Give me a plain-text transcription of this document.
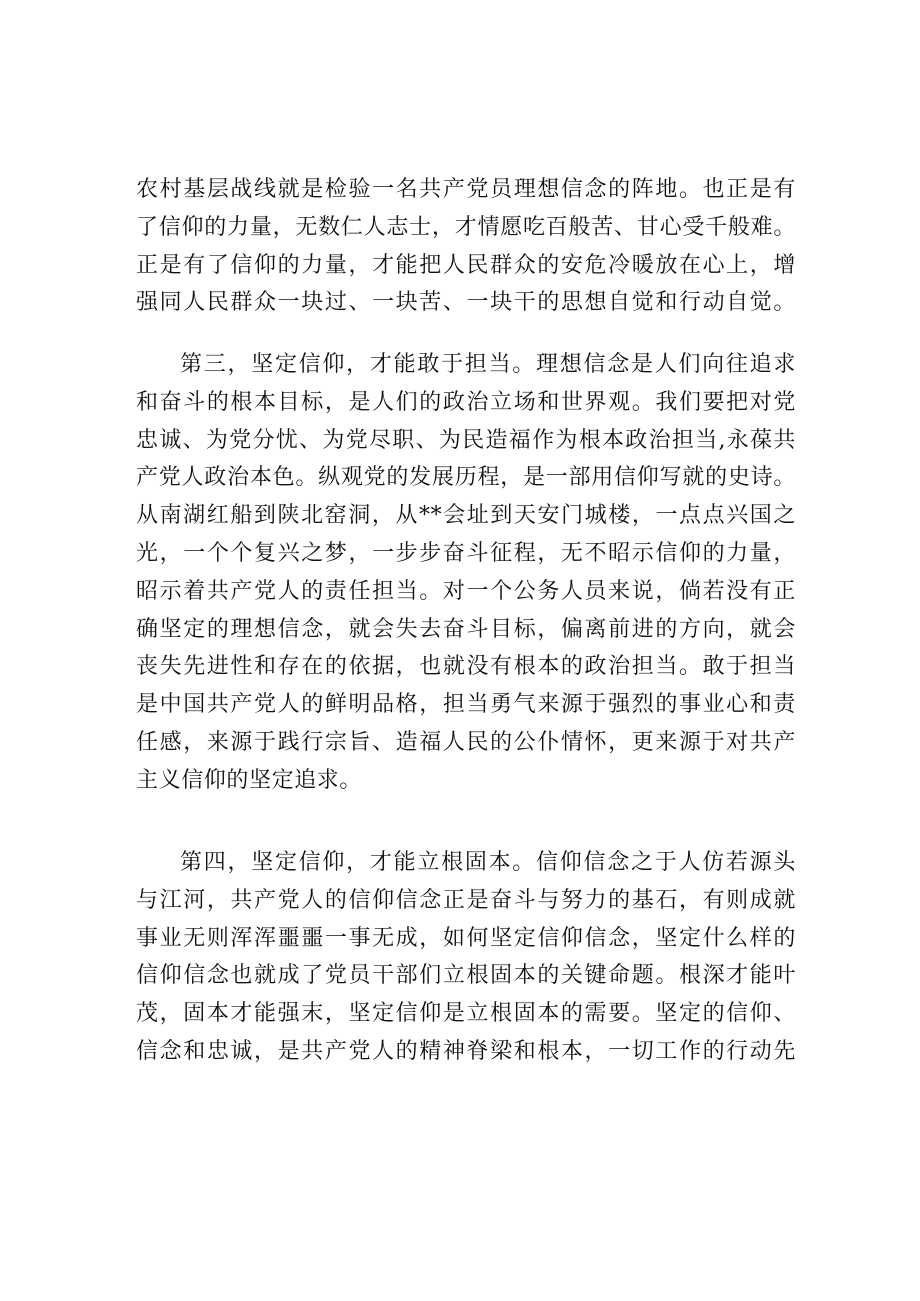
农村基层战线就是检验一名共产党员理想信念的阵地。也正是有
了信仰的力量，无数仁人志士，才情愿吃百般苦、甘心受千般难。
正是有了信仰的力量，才能把人民群众的安危冷暖放在心上，增
强同人民群众一块过、一块苦、一块干的思想自觉和行动自觉。
第三，坚定信仰，才能敢于担当。理想信念是人们向往追求
和奋斗的根本目标，是人们的政治立场和世界观。我们要把对党
忠诚、为党分忧、为党尽职、为民造福作为根本政治担当,永葆共
产党人政治本色。纵观党的发展历程，是一部用信仰写就的史诗。
从南湖红船到陕北窑洞，从**会址到天安门城楼，一点点兴国之
光，一个个复兴之梦，一步步奋斗征程，无不昭示信仰的力量，
昭示着共产党人的责任担当。对一个公务人员来说，倘若没有正
确坚定的理想信念，就会失去奋斗目标，偏离前进的方向，就会
丧失先进性和存在的依据，也就没有根本的政治担当。敢于担当
是中国共产党人的鲜明品格，担当勇气来源于强烈的事业心和责
任感，来源于践行宗旨、造福人民的公仆情怀，更来源于对共产
主义信仰的坚定追求。
第四，坚定信仰，才能立根固本。信仰信念之于人仿若源头
与江河，共产党人的信仰信念正是奋斗与努力的基石，有则成就
事业无则浑浑噩噩一事无成，如何坚定信仰信念，坚定什么样的
信仰信念也就成了党员干部们立根固本的关键命题。根深才能叶
茂，固本才能强末，坚定信仰是立根固本的需要。坚定的信仰、
信念和忠诚，是共产党人的精神脊梁和根本，一切工作的行动先
